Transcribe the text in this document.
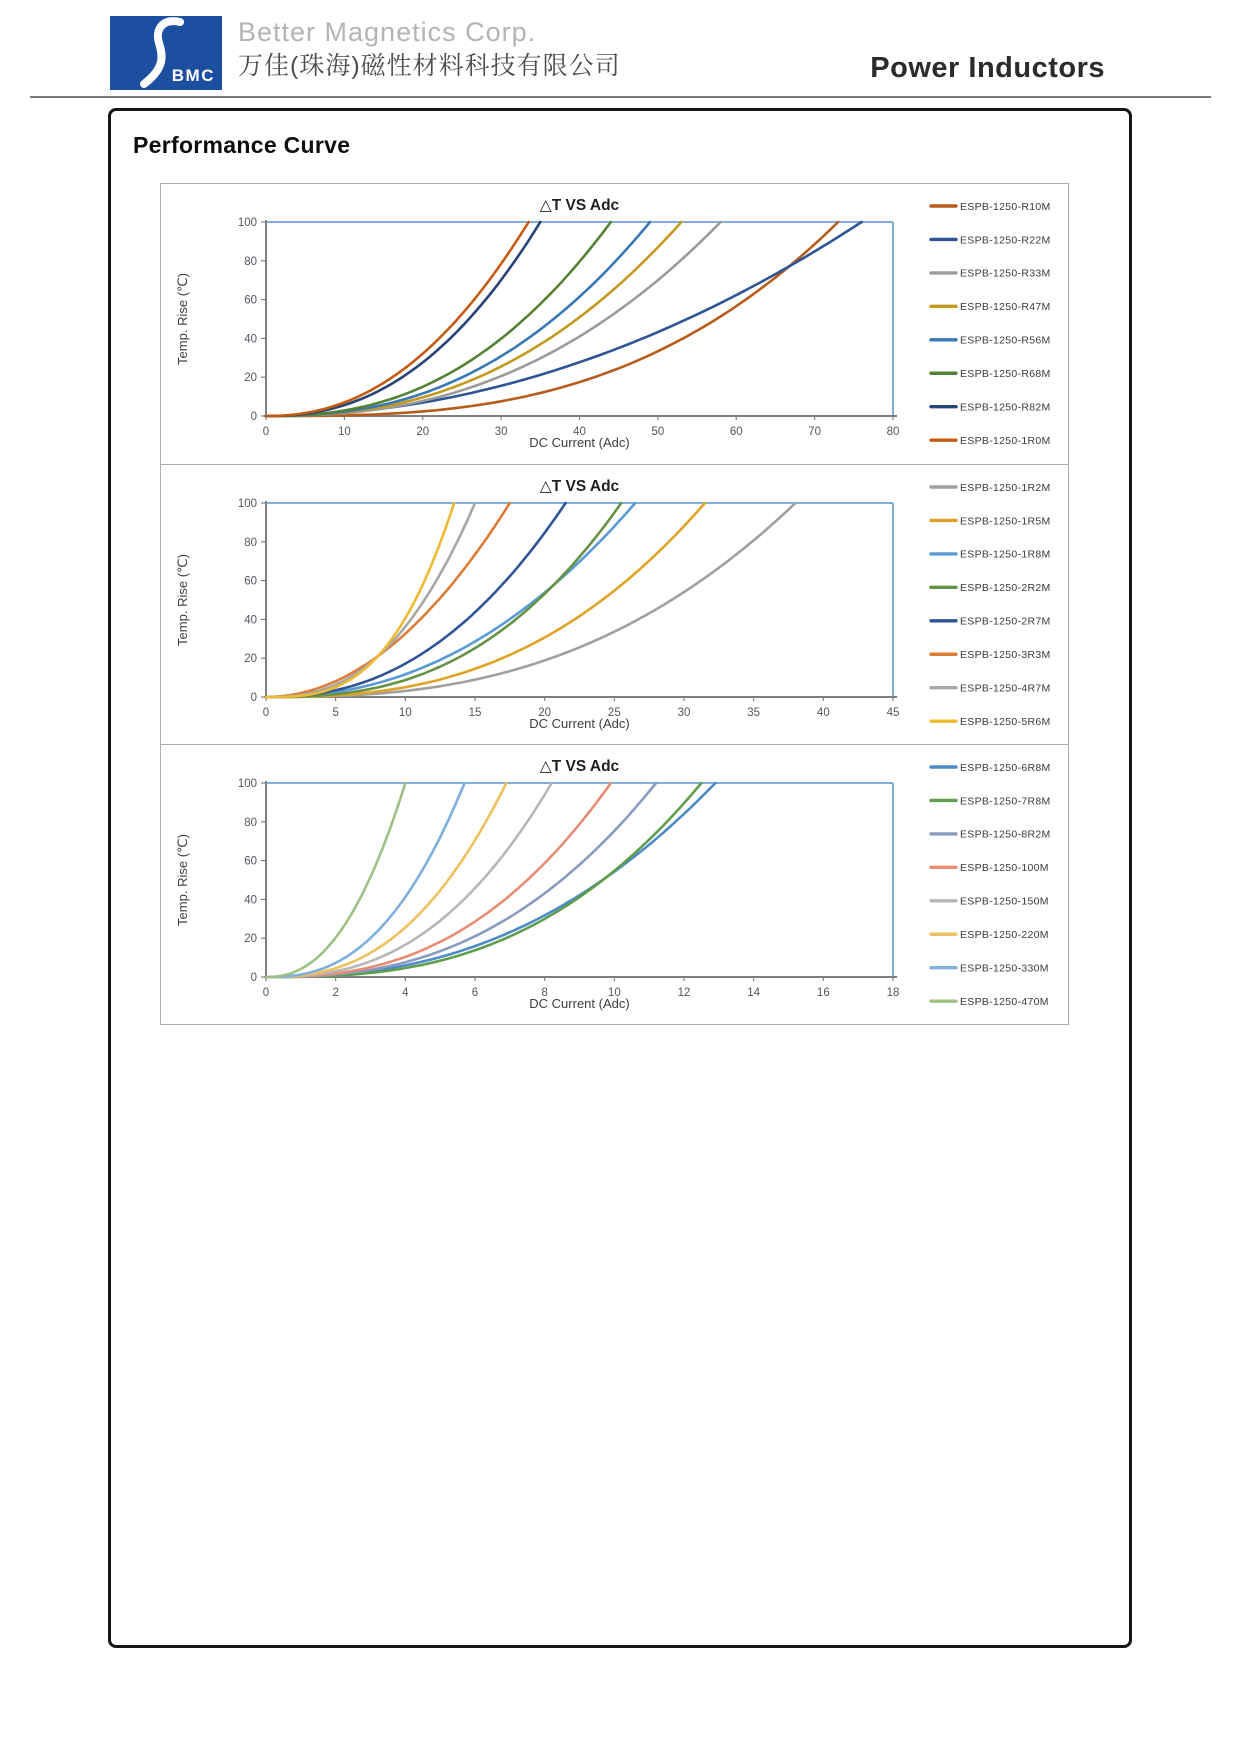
BMC
Better Magnetics Corp.
万佳(珠海)磁性材料科技有限公司	Power Inductors
Performance Curve
0
20
40
60
80
100
0	10	20	30	40	50	60	70	80
△T VS Adc
DC Current (Adc)
Temp. Rise (℃)
ESPB-1250-R10M
ESPB-1250-R22M
ESPB-1250-R33M
ESPB-1250-R47M
ESPB-1250-R56M
ESPB-1250-R68M
ESPB-1250-R82M
ESPB-1250-1R0M
0
20
40
60
80
100
0	5	10	15	20	25	30	35	40	45
△T VS Adc
DC Current (Adc)
Temp. Rise (℃)
ESPB-1250-1R2M
ESPB-1250-1R5M
ESPB-1250-1R8M
ESPB-1250-2R2M
ESPB-1250-2R7M
ESPB-1250-3R3M
ESPB-1250-4R7M
ESPB-1250-5R6M
0
20
40
60
80
100
0	2	4	6	8	10	12	14	16	18
△T VS Adc
DC Current (Adc)
Temp. Rise (℃)
ESPB-1250-6R8M
ESPB-1250-7R8M
ESPB-1250-8R2M
ESPB-1250-100M
ESPB-1250-150M
ESPB-1250-220M
ESPB-1250-330M
ESPB-1250-470M
